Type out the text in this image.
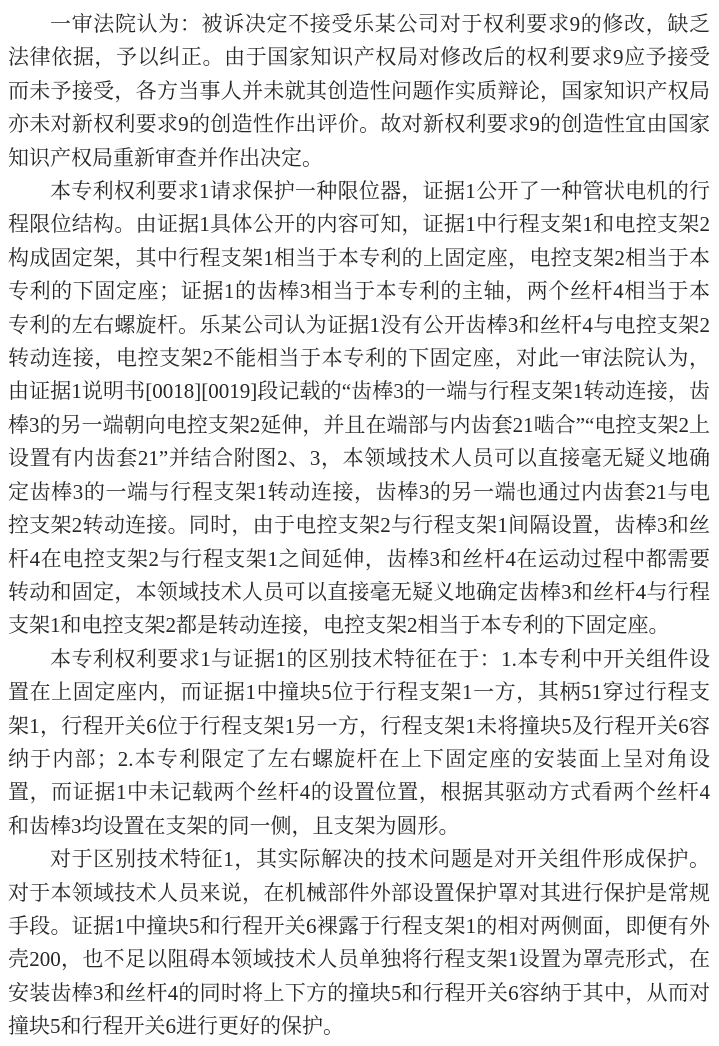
一审法院认为：被诉决定不接受乐某公司对于权利要求9的修改，缺乏法律依据，予以纠正。由于国家知识产权局对修改后的权利要求9应予接受而未予接受，各方当事人并未就其创造性问题作实质辩论，国家知识产权局亦未对新权利要求9的创造性作出评价。故对新权利要求9的创造性宜由国家知识产权局重新审查并作出决定。

本专利权利要求1请求保护一种限位器，证据1公开了一种管状电机的行程限位结构。由证据1具体公开的内容可知，证据1中行程支架1和电控支架2构成固定架，其中行程支架1相当于本专利的上固定座，电控支架2相当于本专利的下固定座；证据1的齿棒3相当于本专利的主轴，两个丝杆4相当于本专利的左右螺旋杆。乐某公司认为证据1没有公开齿棒3和丝杆4与电控支架2转动连接，电控支架2不能相当于本专利的下固定座，对此一审法院认为，由证据1说明书[0018][0019]段记载的“齿棒3的一端与行程支架1转动连接，齿棒3的另一端朝向电控支架2延伸，并且在端部与内齿套21啮合”“电控支架2上设置有内齿套21”并结合附图2、3，本领域技术人员可以直接毫无疑义地确定齿棒3的一端与行程支架1转动连接，齿棒3的另一端也通过内齿套21与电控支架2转动连接。同时，由于电控支架2与行程支架1间隔设置，齿棒3和丝杆4在电控支架2与行程支架1之间延伸，齿棒3和丝杆4在运动过程中都需要转动和固定，本领域技术人员可以直接毫无疑义地确定齿棒3和丝杆4与行程支架1和电控支架2都是转动连接，电控支架2相当于本专利的下固定座。

本专利权利要求1与证据1的区别技术特征在于：1.本专利中开关组件设置在上固定座内，而证据1中撞块5位于行程支架1一方，其柄51穿过行程支架1，行程开关6位于行程支架1另一方，行程支架1未将撞块5及行程开关6容纳于内部；2.本专利限定了左右螺旋杆在上下固定座的安装面上呈对角设置，而证据1中未记载两个丝杆4的设置位置，根据其驱动方式看两个丝杆4和齿棒3均设置在支架的同一侧，且支架为圆形。

对于区别技术特征1，其实际解决的技术问题是对开关组件形成保护。对于本领域技术人员来说，在机械部件外部设置保护罩对其进行保护是常规手段。证据1中撞块5和行程开关6裸露于行程支架1的相对两侧面，即便有外壳200，也不足以阻碍本领域技术人员单独将行程支架1设置为罩壳形式，在安装齿棒3和丝杆4的同时将上下方的撞块5和行程开关6容纳于其中，从而对撞块5和行程开关6进行更好的保护。
